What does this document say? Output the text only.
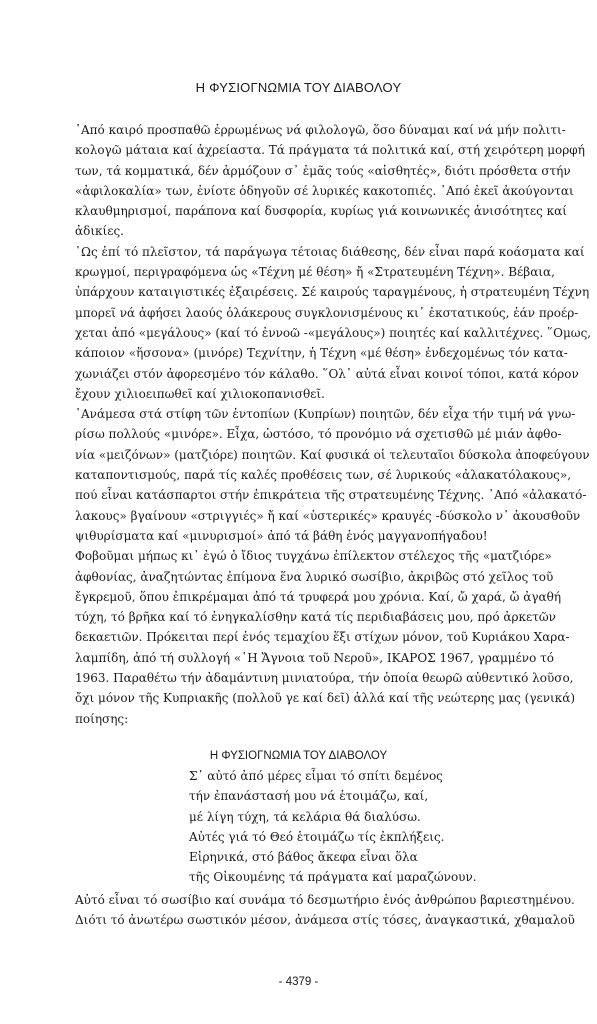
Η ΦΥΣΙΟΓΝΩΜΙΑ ΤΟΥ ΔΙΑΒΟΛΟΥ
᾿Από καιρό προσπαθῶ ἐρρωμένως νά φιλολογῶ, ὅσο δύναμαι καί νά μήν πολιτι-
κολογῶ μάταια καί ἀχρείαστα. Τά πράγματα τά πολιτικά καί, στή χειρότερη μορφή
των, τά κομματικά, δέν ἁρμόζουν σ᾿ ἐμᾶς τούς «αἰσθητές», διότι πρόσθετα στήν
«ἀφιλοκαλία» των, ἐνίοτε ὁδηγοῦν σέ λυρικές κακοτοπιές. ᾿Από ἐκεῖ ἀκούγονται
κλαυθμηρισμοί, παράπονα καί δυσφορία, κυρίως γιά κοινωνικές ἀνισότητες καί
ἀδικίες.
῾Ως ἐπί τό πλεῖστον, τά παράγωγα τέτοιας διάθεσης, δέν εἶναι παρά κοάσματα καί
κρωγμοί, περιγραφόμενα ὡς «Τέχνη μέ θέση» ἤ «Στρατευμένη Τέχνη». Βέβαια,
ὑπάρχουν καταιγιστικές ἐξαιρέσεις. Σέ καιρούς ταραγμένους, ἡ στρατευμένη Τέχνη
μπορεῖ νά ἀφήσει λαούς ὁλάκερους συγκλονισμένους κι᾿ ἐκστατικούς, ἐάν προέρ-
χεται ἀπό «μεγάλους» (καί τό ἐννοῶ -«μεγάλους») ποιητές καί καλλιτέχνες. ῞Ομως,
κάποιον «ἥσσονα» (μινόρε) Τεχνίτην, ἡ Τέχνη «μέ θέση» ἐνδεχομένως τόν κατα-
χωνιάζει στόν ἀφορεσμένο τόν κάλαθο. ῞Ολ᾿ αὐτά εἶναι κοινοί τόποι, κατά κόρον
ἔχουν χιλιοειπωθεῖ καί χιλιοκοπανισθεῖ.
᾿Ανάμεσα στά στίφη τῶν ἐντοπίων (Κυπρίων) ποιητῶν, δέν εἶχα τήν τιμή νά γνω-
ρίσω πολλούς «μινόρε». Εἶχα, ὡστόσο, τό προνόμιο νά σχετισθῶ μέ μιάν ἀφθο-
νία «μειζόνων» (ματζιόρε) ποιητῶν. Καί φυσικά οἱ τελευταῖοι δύσκολα ἀποφεύγουν
καταποντισμούς, παρά τίς καλές προθέσεις των, σέ λυρικούς «ἀλακατόλακους»,
πού εἶναι κατάσπαρτοι στήν ἐπικράτεια τῆς στρατευμένης Τέχνης. ᾿Από «ἀλακατό-
λακους» βγαίνουν «στριγγιές» ἤ καί «ὑστερικές» κραυγές -δύσκολο ν᾿ ἀκουσθοῦν
ψιθυρίσματα καί «μινυρισμοί» ἀπό τά βάθη ἑνός μαγγανοπήγαδου!
Φοβοῦμαι μήπως κι᾿ ἐγώ ὁ ἴδιος τυγχάνω ἐπίλεκτον στέλεχος τῆς «ματζιόρε»
ἀφθονίας, ἀναζητώντας ἐπίμονα ἕνα λυρικό σωσίβιο, ἀκριβῶς στό χεῖλος τοῦ
ἔγκρεμοῦ, ὅπου ἐπικρέμαμαι ἀπό τά τρυφερά μου χρόνια. Καί, ὤ χαρά, ὤ ἀγαθή
τύχη, τό βρῆκα καί τό ἐνηγκαλίσθην κατά τίς περιδιαβάσεις μου, πρό ἀρκετῶν
δεκαετιῶν. Πρόκειται περί ἑνός τεμαχίου ἕξι στίχων μόνον, τοῦ Κυριάκου Χαρα-
λαμπίδη, ἀπό τή συλλογή «῾Η Ἄγνοια τοῦ Νεροῦ», ΙΚΑΡΟΣ 1967, γραμμένο τό
1963. Παραθέτω τήν ἀδαμάντινη μινιατούρα, τήν ὁποία θεωρῶ αὐθεντικό λοῦσο,
ὄχι μόνον τῆς Κυπριακῆς (πολλοῦ γε καί δεῖ) ἀλλά καί τῆς νεώτερης μας (γενικά)
ποίησης:
Η ΦΥΣΙΟΓΝΩΜΙΑ ΤΟΥ ΔΙΑΒΟΛΟΥ
Σ᾿ αὐτό ἀπό μέρες εἶμαι τό σπίτι δεμένος
τήν ἐπανάστασή μου νά ἑτοιμάζω, καί,
μέ λίγη τύχη, τά κελάρια θά διαλύσω.
Αὐτές γιά τό Θεό ἑτοιμάζω τίς ἐκπλήξεις.
Εἰρηνικά, στό βάθος ἄκεφα εἶναι ὅλα
τῆς Οἰκουμένης τά πράγματα καί μαραζώνουν.
Αὐτό εἶναι τό σωσίβιο καί συνάμα τό δεσμωτήριο ἑνός ἀνθρώπου βαριεστημένου.
Διότι τό ἀνωτέρω σωστικόν μέσον, ἀνάμεσα στίς τόσες, ἀναγκαστικά, χθαμαλοῦ
- 4379 -
